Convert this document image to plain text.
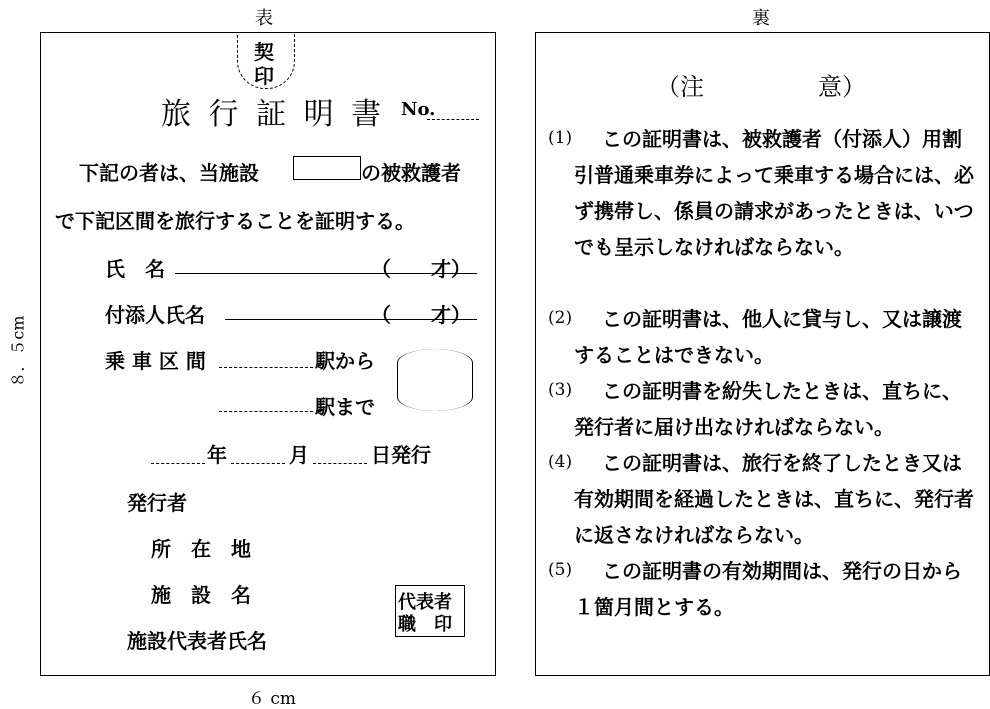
表	裏
８．５cm
６ cm
契
印
旅 行 証 明 書 No.
下記の者は、当施設	の被救護者
で下記区間を旅行することを証明する。
氏　名	（　　才）
付添人氏名	（　　才）
乗 車 区 間	駅から
駅まで
年	月	日発行
発行者
所　在　地
施　設　名
施設代表者氏名
代表者
職　印
（注	意）
(1)	この証明書は、被救護者（付添人）用割引普通乗車券によって乗車する場合には、必ず携帯し、係員の請求があったときは、いつでも呈示しなければならない。
(2)	この証明書は、他人に貸与し、又は譲渡することはできない。
(3)	この証明書を紛失したときは、直ちに、発行者に届け出なければならない。
(4)	この証明書は、旅行を終了したとき又は有効期間を経過したときは、直ちに、発行者に返さなければならない。
(5)	この証明書の有効期間は、発行の日から１箇月間とする。
